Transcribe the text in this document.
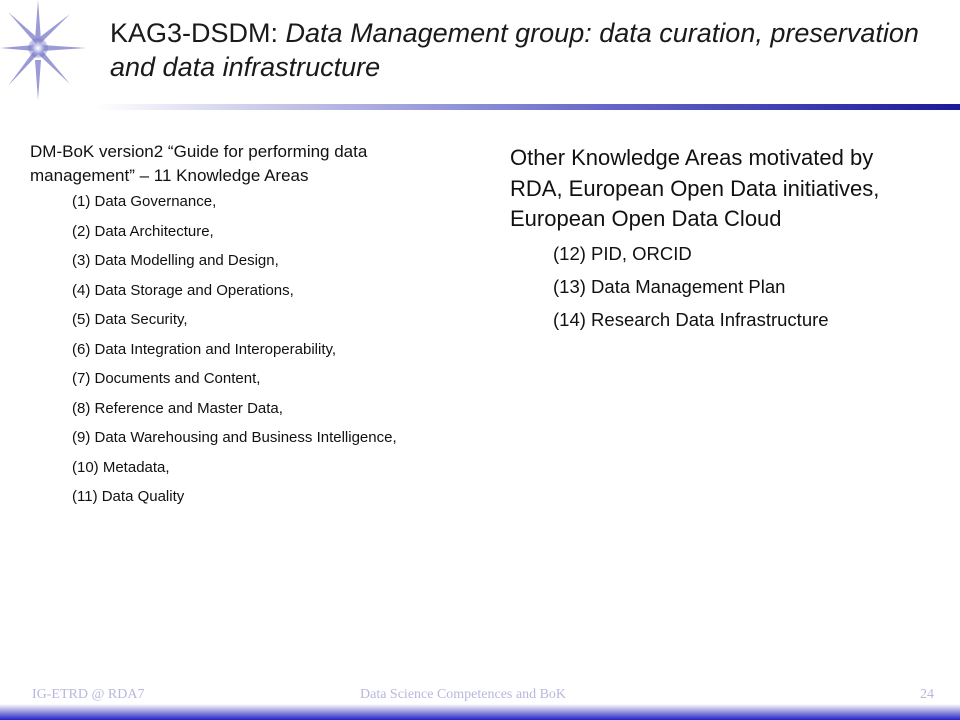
KAG3-DSDM: Data Management group: data curation, preservation and data infrastructure
DM-BoK version2 “Guide for performing data management” – 11 Knowledge Areas
(1) Data Governance,
(2) Data Architecture,
(3) Data Modelling and Design,
(4) Data Storage and Operations,
(5) Data Security,
(6) Data Integration and Interoperability,
(7) Documents and Content,
(8) Reference and Master Data,
(9) Data Warehousing and Business Intelligence,
(10) Metadata,
(11) Data Quality
Other Knowledge Areas motivated by RDA, European Open Data initiatives, European Open Data Cloud
(12) PID, ORCID
(13) Data Management Plan
(14) Research Data Infrastructure
IG-ETRD @ RDA7	Data Science Competences and BoK	24
